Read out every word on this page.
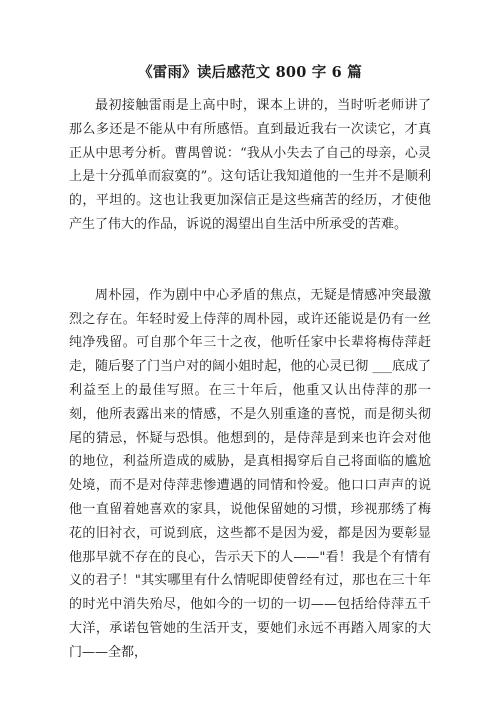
《雷雨》读后感范文 800 字 6 篇

最初接触雷雨是上高中时，课本上讲的，当时听老师讲了那么多还是不能从中有所感悟。直到最近我右一次读它，才真正从中思考分析。曹禺曾说：“我从小失去了自己的母亲，心灵上是十分孤单而寂寞的”。这句话让我知道他的一生并不是顺利的，平坦的。这也让我更加深信正是这些痛苦的经历，才使他产生了伟大的作品，诉说的渴望出自生活中所承受的苦难。

周朴园，作为剧中中心矛盾的焦点，无疑是情感冲突最激烈之存在。年轻时爱上侍萍的周朴园，或许还能说是仍有一丝纯净残留。可自那个年三十之夜，他听任家中长辈将梅侍萍赶走，随后娶了门当户对的阔小姐时起，他的心灵已彻 ___底成了利益至上的最佳写照。在三十年后，他重又认出侍萍的那一刻，他所表露出来的情感，不是久别重逢的喜悦，而是彻头彻尾的猜忌，怀疑与恐惧。他想到的，是侍萍是到来也许会对他的地位，利益所造成的威胁，是真相揭穿后自己将面临的尴尬处境，而不是对侍萍悲惨遭遇的同情和怜爱。他口口声声的说他一直留着她喜欢的家具，说他保留她的习惯，珍视那绣了梅花的旧衬衣，可说到底，这些都不是因为爱，都是因为要彰显他那早就不存在的良心，告示天下的人——"看！我是个有情有义的君子！"其实哪里有什么情呢即使曾经有过，那也在三十年的时光中消失殆尽，他如今的一切的一切——包括给侍萍五千大洋，承诺包管她的生活开支，要她们永远不再踏入周家的大门——全都，
